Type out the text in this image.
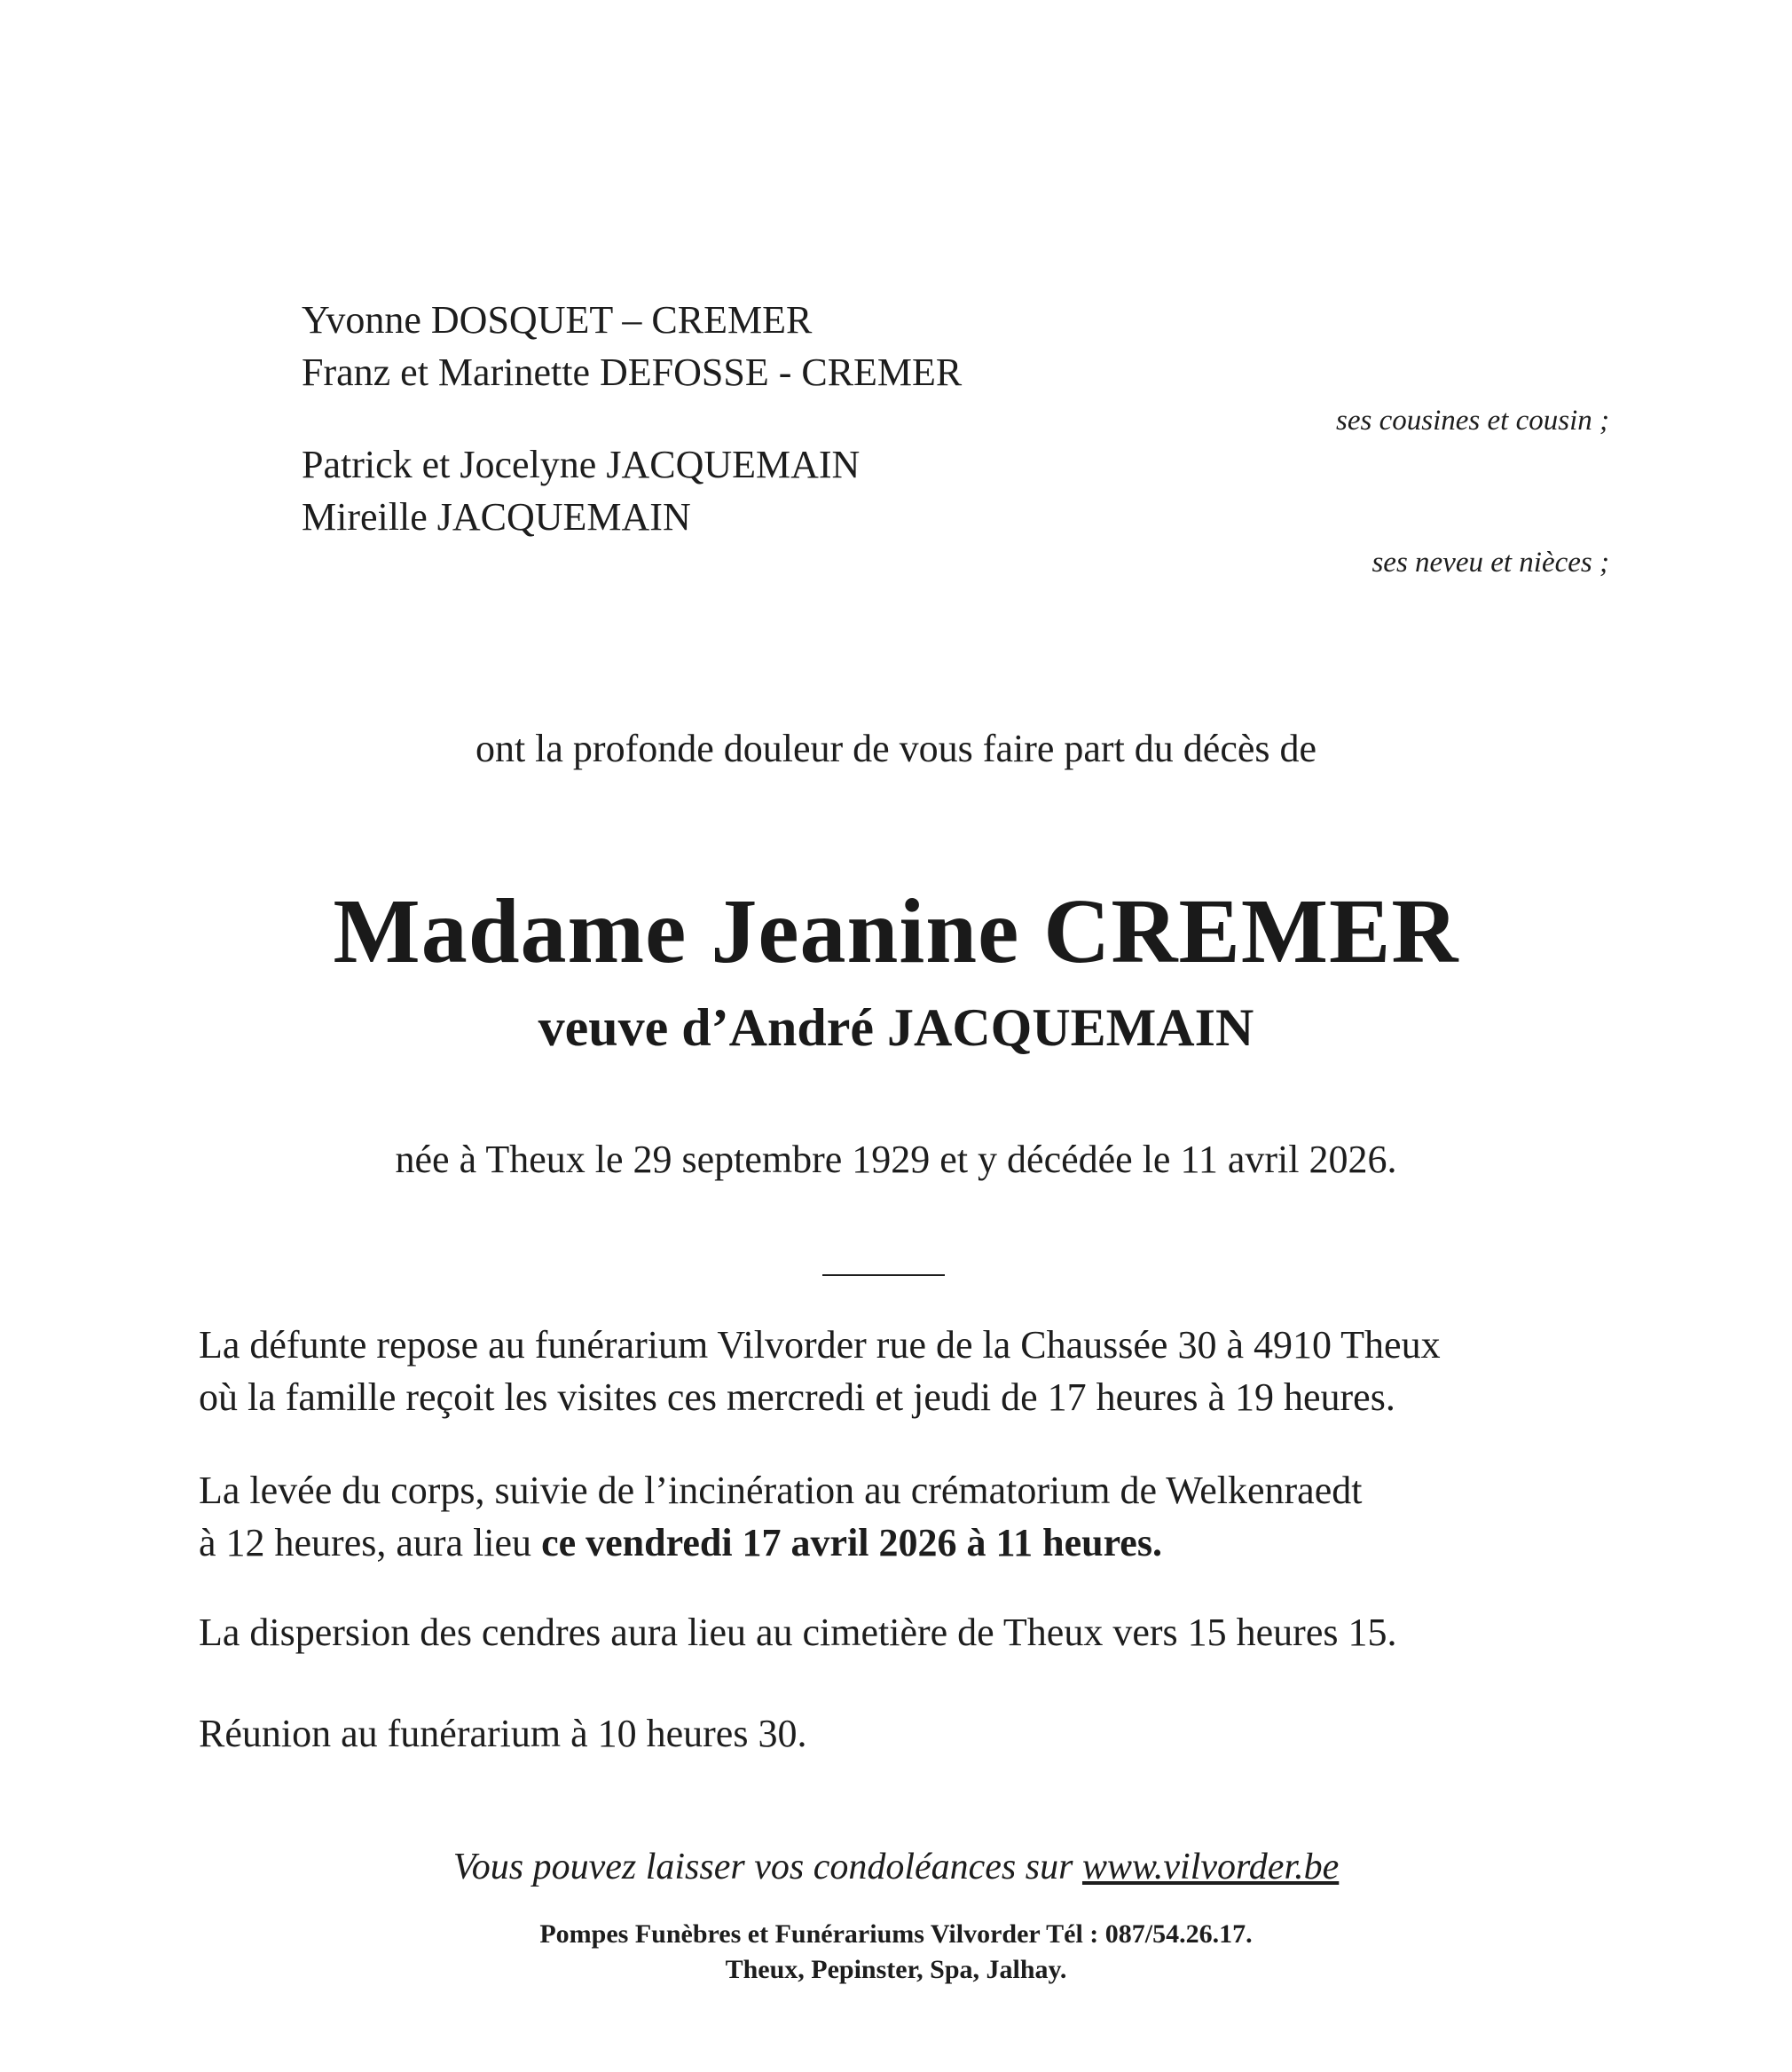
Yvonne DOSQUET – CREMER
Franz et Marinette DEFOSSE - CREMER
ses cousines et cousin ;
Patrick et Jocelyne JACQUEMAIN
Mireille JACQUEMAIN
ses neveu et nièces ;
ont la profonde douleur de vous faire part du décès de
Madame Jeanine CREMER
veuve d’André JACQUEMAIN
née à Theux le 29 septembre 1929 et y décédée le 11 avril 2026.
La défunte repose au funérarium Vilvorder rue de la Chaussée 30 à 4910 Theux
où la famille reçoit les visites ces mercredi et jeudi de 17 heures à 19 heures.
La levée du corps, suivie de l’incinération au crématorium de Welkenraedt
à 12 heures, aura lieu ce vendredi 17 avril 2026 à 11 heures.
La dispersion des cendres aura lieu au cimetière de Theux vers 15 heures 15.
Réunion au funérarium à 10 heures 30.
Vous pouvez laisser vos condoléances sur www.vilvorder.be
Pompes Funèbres et Funérariums Vilvorder Tél : 087/54.26.17.
Theux, Pepinster, Spa, Jalhay.
